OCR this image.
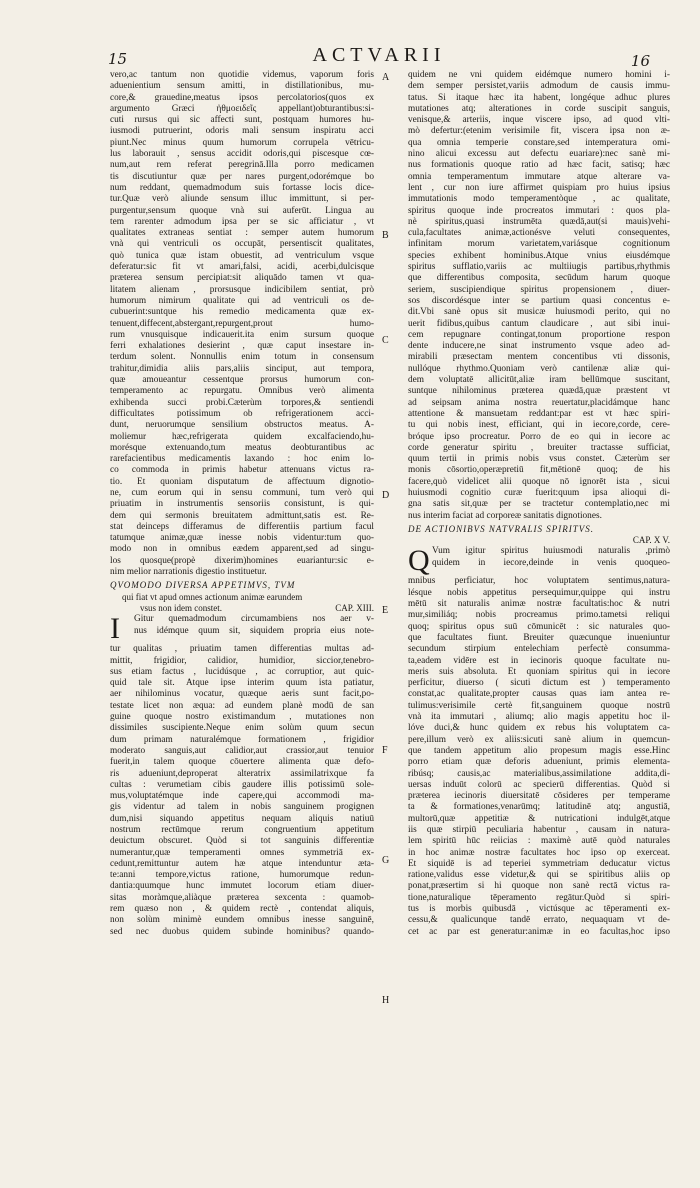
15	ACTVARII	16
vero,ac tantum non quotidie videmus, vaporum foris
aduenientium sensum amitti, in distillationibus, mu-
core,& grauedine,meatus ipsos percolatorios(quos ex
argumento Græci ἠθμοειδεῖς appellant)obturantibus:si-
cuti rursus qui sic affecti sunt, postquam humores hu-
iusmodi putruerint, odoris mali sensum inspiratu acci
piunt.Nec minus quum humorum corrupela vētricu-
lus laborauit , sensus accidit odoris,qui piscesque cœ-
num,aut rem referat peregrinā.Illa porro medicamen
tis discutiuntur quæ per nares purgent,odorémque bo
num reddant, quemadmodum suis fortasse locis dice-
tur.Quæ verò aliunde sensum illuc immittunt, si per-
purgentur,sensum quoque vnà sui auferūt. Lingua au
tem rarenter admodum ipsa per se sic afficiatur , vt
qualitates extraneas sentiat : semper autem humorum
vnà qui ventriculi os occupāt, persentiscit qualitates,
quò tunica quæ istam obuestit, ad ventriculum vsque
deferatur:sic fit vt amari,falsi, acidi, acerbi,dulcisque
præterea sensum percipiat:sit aliquādo tamen vt qua-
litatem alienam , prorsusque indicibilem sentiat, prò
humorum nimirum qualitate qui ad ventriculi os de-
cubuerint:suntque his remedio medicamenta quæ ex-
tenuent,diffecent,abstergant,repurgent,prout humo-
rum vnusquisque indicauerit.ita enim sursum quoque
ferri exhalationes desierint , quæ caput insestare in-
terdum solent. Nonnullis enim totum in consensum
trahitur,dimidia aliis pars,aliis sinciput, aut tempora,
quæ amoueantur cessentque prorsus humorum con-
temperamento ac repurgatu. Omnibus verò alimenta
exhibenda succi probi.Cæterùm torpores,& sentiendi
difficultates potissimum ob refrigerationem acci-
dunt, neruorumque sensilium obstructos meatus. A-
moliemur hæc,refrigerata quidem excalfaciendo,hu-
morésque extenuando,tum meatus deobturantibus ac
rarefacientibus medicamentis laxando : hoc enim lo-
co commoda in primis habetur attenuans victus ra-
tio. Et quoniam disputatum de affectuum dignotio-
ne, cum eorum qui in sensu communi, tum verò qui
priuatim in instrumentis sensoriis consistunt, is qui-
dem qui sermonis breuitatem admittunt,satis est. Re-
stat deinceps differamus de differentiis partium facul
tatumque animæ,quæ inesse nobis videntur:tum quo-
modo non in omnibus eædem apparent,sed ad singu-
los quosque(propè dixerim)homines euariantur:sic e-
nim melior narrationis digestio instituetur.
QVOMODO DIVERSA APPETIMVS, TVM
qui fiat vt apud omnes actionum animæ earundem
vsus non idem constet.	CAP. XIII.
I	Gitur quemadmodum circumambiens nos aer v-
nus idémque quum sit, siquidem propria eius note-
tur qualitas , priuatim tamen differentias multas ad-
mittit, frigidior, calidior, humidior, siccior,tenebro-
sus etiam factus , lucidúsque , ac corruptior, aut quic-
quid tale sit. Atque ipse interim quum ista patiatur,
aer nihilominus vocatur, quæque aeris sunt facit,po-
testate licet non æqua: ad eundem planè modū de san
guine quoque nostro existimandum , mutationes non
dissimiles suscipiente.Neque enim solùm quum secun
dum primam naturalémque formationem , frigidior
moderato sanguis,aut calidior,aut crassior,aut tenuior
fuerit,in talem quoque cōuertere alimenta quæ defo-
ris adueniunt,deproperat alteratrix assimilatrixque fa
cultas : verumetiam cibis gaudere illis potissimū sole-
mus,voluptatémque inde capere,qui accommodi ma-
gis videntur ad talem in nobis sanguinem progignen
dum,nisi siquando appetitus nequam aliquis natiuū
nostrum rectūmque rerum congruentium appetitum
deuictum obscuret. Quòd si tot sanguinis differentiæ
numerantur,quæ temperamenti omnes symmetriā ex-
cedunt,remittuntur autem hæ atque intenduntur æta-
te:anni tempore,victus ratione, humorumque redun-
dantia:quumque hunc immutet locorum etiam diuer-
sitas moràmque,aliàque præterea sexcenta : quamob-
rem quæso non , & quidem rectè , contendat aliquis,
non solùm minimè eundem omnibus inesse sanguinē,
sed nec duobus quidem subinde hominibus? quando-
A
B
C
D
E
F
G
H
quidem ne vni quidem eidémque numero homini i-
dem semper persistet,variis admodum de causis immu-
tatus. Si itaque hæc ita habent, longéque adhuc plures
mutationes atq; alterationes in corde suscipit sanguis,
venisque,& arteriis, inque viscere ipso, ad quod vlti-
mò defertur:(etenim verisimile fit, viscera ipsa non æ-
qua omnia temperie constare,sed intemperatura omi-
nino alicui excessu aut defectu euariare):nec sanè mi-
nus formationis quoque ratio ad hæc facit, satisq; hæc
omnia temperamentum immutare atque alterare va-
lent , cur non iure affirmet quispiam pro huius ipsius
immutationis modo temperamentòque , ac qualitate,
spiritus quoque inde procreatos immutari : quos pla-
nè spiritus,quasi instrumēta quædā,aut(si mauis)vehi-
cula,facultates animæ,actionésve veluti consequentes,
infinitam morum varietatem,variásque cognitionum
species exhibent hominibus.Atque vnius eiusdémque
spiritus sufflatio,variis ac multiiugis partibus,rhythmis
que differentibus composita, secūdum harum quoque
seriem, suscipiendique spiritus propensionem , diuer-
sos discordésque inter se partium quasi concentus e-
dit.Vbi sanè opus sit musicæ huiusmodi perito, qui no
uerit fidibus,quibus cantum claudicare , aut sibi inui-
cem repugnare contingat,tonum proportione respon
dente inducere,ne sinat instrumento vsque adeo ad-
mirabili præsectam mentem concentibus vti dissonis,
nullóque rhythmo.Quoniam verò cantilenæ aliæ qui-
dem voluptatē allicitūt,aliæ iram bellūmque suscitant,
suntque nihilominus præterea quædā,quæ præstent vt
ad seipsam anima nostra reuertatur,placidámque hanc
attentione & mansuetam reddant:par est vt hæc spiri-
tu qui nobis inest, efficiant, qui in iecore,corde, cere-
bróque ipso procreatur. Porro de eo qui in iecore ac
corde generatur spiritu , breuiter tractasse sufficiat,
quum tertii in primis nobis vsus constet. Cæterùm ser
monis cōsortio,operæpretiū fit,mētionē quoq; de his
facere,quò videlicet alii quoque nō ignorēt ista , sicui
huiusmodi cognitio curæ fuerit:quum ipsa alioqui di-
gna satis sit,quæ per se tractetur contemplatio,nec mi
nus interim faciat ad corporeæ sanitatis dignotiones.
DE ACTIONIBVS NATVRALIS SPIRITVS.
CAP. X V.
Q Vum igitur spiritus huiusmodi naturalis ,primò
quidem in iecore,deinde in venis quoqueo-
mnibus perficiatur, hoc voluptatem sentimus,natura-
lésque nobis appetitus persequimur,quippe qui instru
mētū sit naturalis animæ nostræ facultatis:hoc & nutri
mur,similiáq; nobis procreamus primo.tametsi reliqui
quoq; spiritus opus suū cōmunicēt : sic naturales quo-
que facultates fiunt. Breuiter quæcunque inueniuntur
secundum stirpium entelechiam perfectè consumma-
ta,eadem vidēre est in iecinoris quoque facultate nu-
meris suis absoluta. Et quoniam spiritus qui in iecore
perficitur, diuerso ( sicuti dictum est ) temperamento
constat,ac qualitate,propter causas quas iam antea re-
tulimus:verisimile certè fit,sanguinem quoque nostrū
vnà ita immutari , aliumq; alio magis appetitu hoc il-
lóve duci,& hunc quidem ex rebus his voluptatem ca-
pere,illum verò ex aliis:sicuti sanè alium in quemcun-
que tandem appetitum alio propesum magis esse.Hinc
porro etiam quæ deforis adueniunt, primis elementa-
ribúsq; causis,ac materialibus,assimilatione addita,di-
uersas induūt colorū ac specierū differentias. Quòd si
præterea iecinoris diuersitatē cōsideres per temperame
ta & formationes,venarūmq; latitudinē atq; angustiā,
multorū,quæ appetitiæ & nutricationi indulgēt,atque
iis quæ stirpiū peculiaria habentur , causam in natura-
lem spiritū hūc reiicias : maximè autē quòd naturales
in hoc animæ nostræ facultates hoc ipso op exerceat.
Et siquidē is ad teperiei symmetriam deducatur victus
ratione,validus esse videtur,& qui se spiritibus aliis op
ponat,præsertim si hi quoque non sanè rectā victus ra-
tione,naturalique tēperamento regātur.Quòd si spiri-
tus is morbis quibusdā , victúsque ac tēperamenti ex-
cessu,& qualicunque tandē errato, nequaquam vt de-
cet ac par est generatur:animæ in eo facultas,hoc ipso
